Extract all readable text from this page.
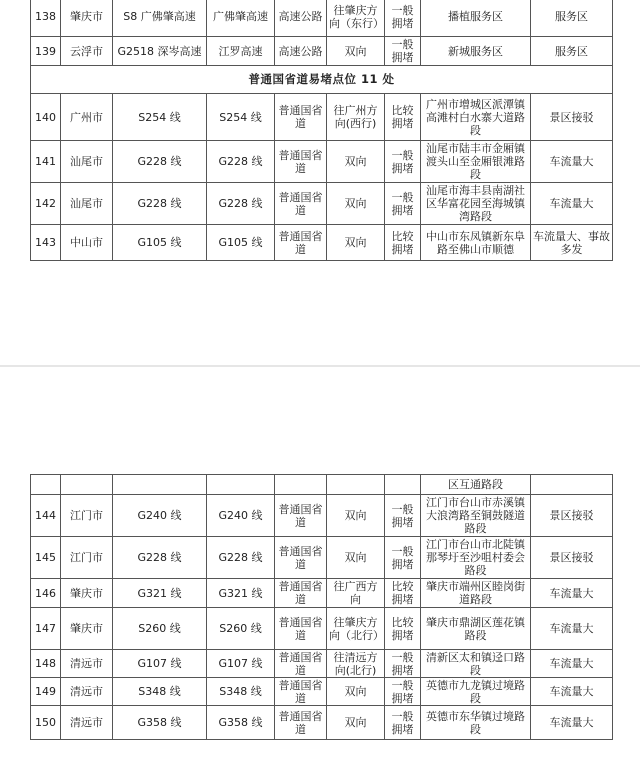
138	肇庆市	S8 广佛肇高速	广佛肇高速	高速公路	往肇庆方向（东行）	一般拥堵	播植服务区	服务区
139	云浮市	G2518 深岑高速	江罗高速	高速公路	双向	一般拥堵	新城服务区	服务区
普通国省道易堵点位 11 处								
140	广州市	S254 线	S254 线	普通国省道	往广州方向(西行)	比较拥堵	广州市增城区派潭镇高滩村白水寨大道路段	景区接驳
141	汕尾市	G228 线	G228 线	普通国省道	双向	一般拥堵	汕尾市陆丰市金厢镇渡头山至金厢银滩路段	车流量大
142	汕尾市	G228 线	G228 线	普通国省道	双向	一般拥堵	汕尾市海丰县南湖社区华富花园至海城镇湾路段	车流量大
143	中山市	G105 线	G105 线	普通国省道	双向	比较拥堵	中山市东凤镇新东阜路至佛山市顺德	车流量大、事故多发
							区互通路段	
144	江门市	G240 线	G240 线	普通国省道	双向	一般拥堵	江门市台山市赤溪镇大浪湾路至铜鼓隧道路段	景区接驳
145	江门市	G228 线	G228 线	普通国省道	双向	一般拥堵	江门市台山市北陡镇那琴圩至沙咀村委会路段	景区接驳
146	肇庆市	G321 线	G321 线	普通国省道	往广西方向	比较拥堵	肇庆市端州区睦岗街道路段	车流量大
147	肇庆市	S260 线	S260 线	普通国省道	往肇庆方向（北行）	比较拥堵	肇庆市鼎湖区莲花镇路段	车流量大
148	清远市	G107 线	G107 线	普通国省道	往清远方向(北行)	一般拥堵	清新区太和镇迳口路段	车流量大
149	清远市	S348 线	S348 线	普通国省道	双向	一般拥堵	英德市九龙镇过境路段	车流量大
150	清远市	G358 线	G358 线	普通国省道	双向	一般拥堵	英德市东华镇过境路段	车流量大
